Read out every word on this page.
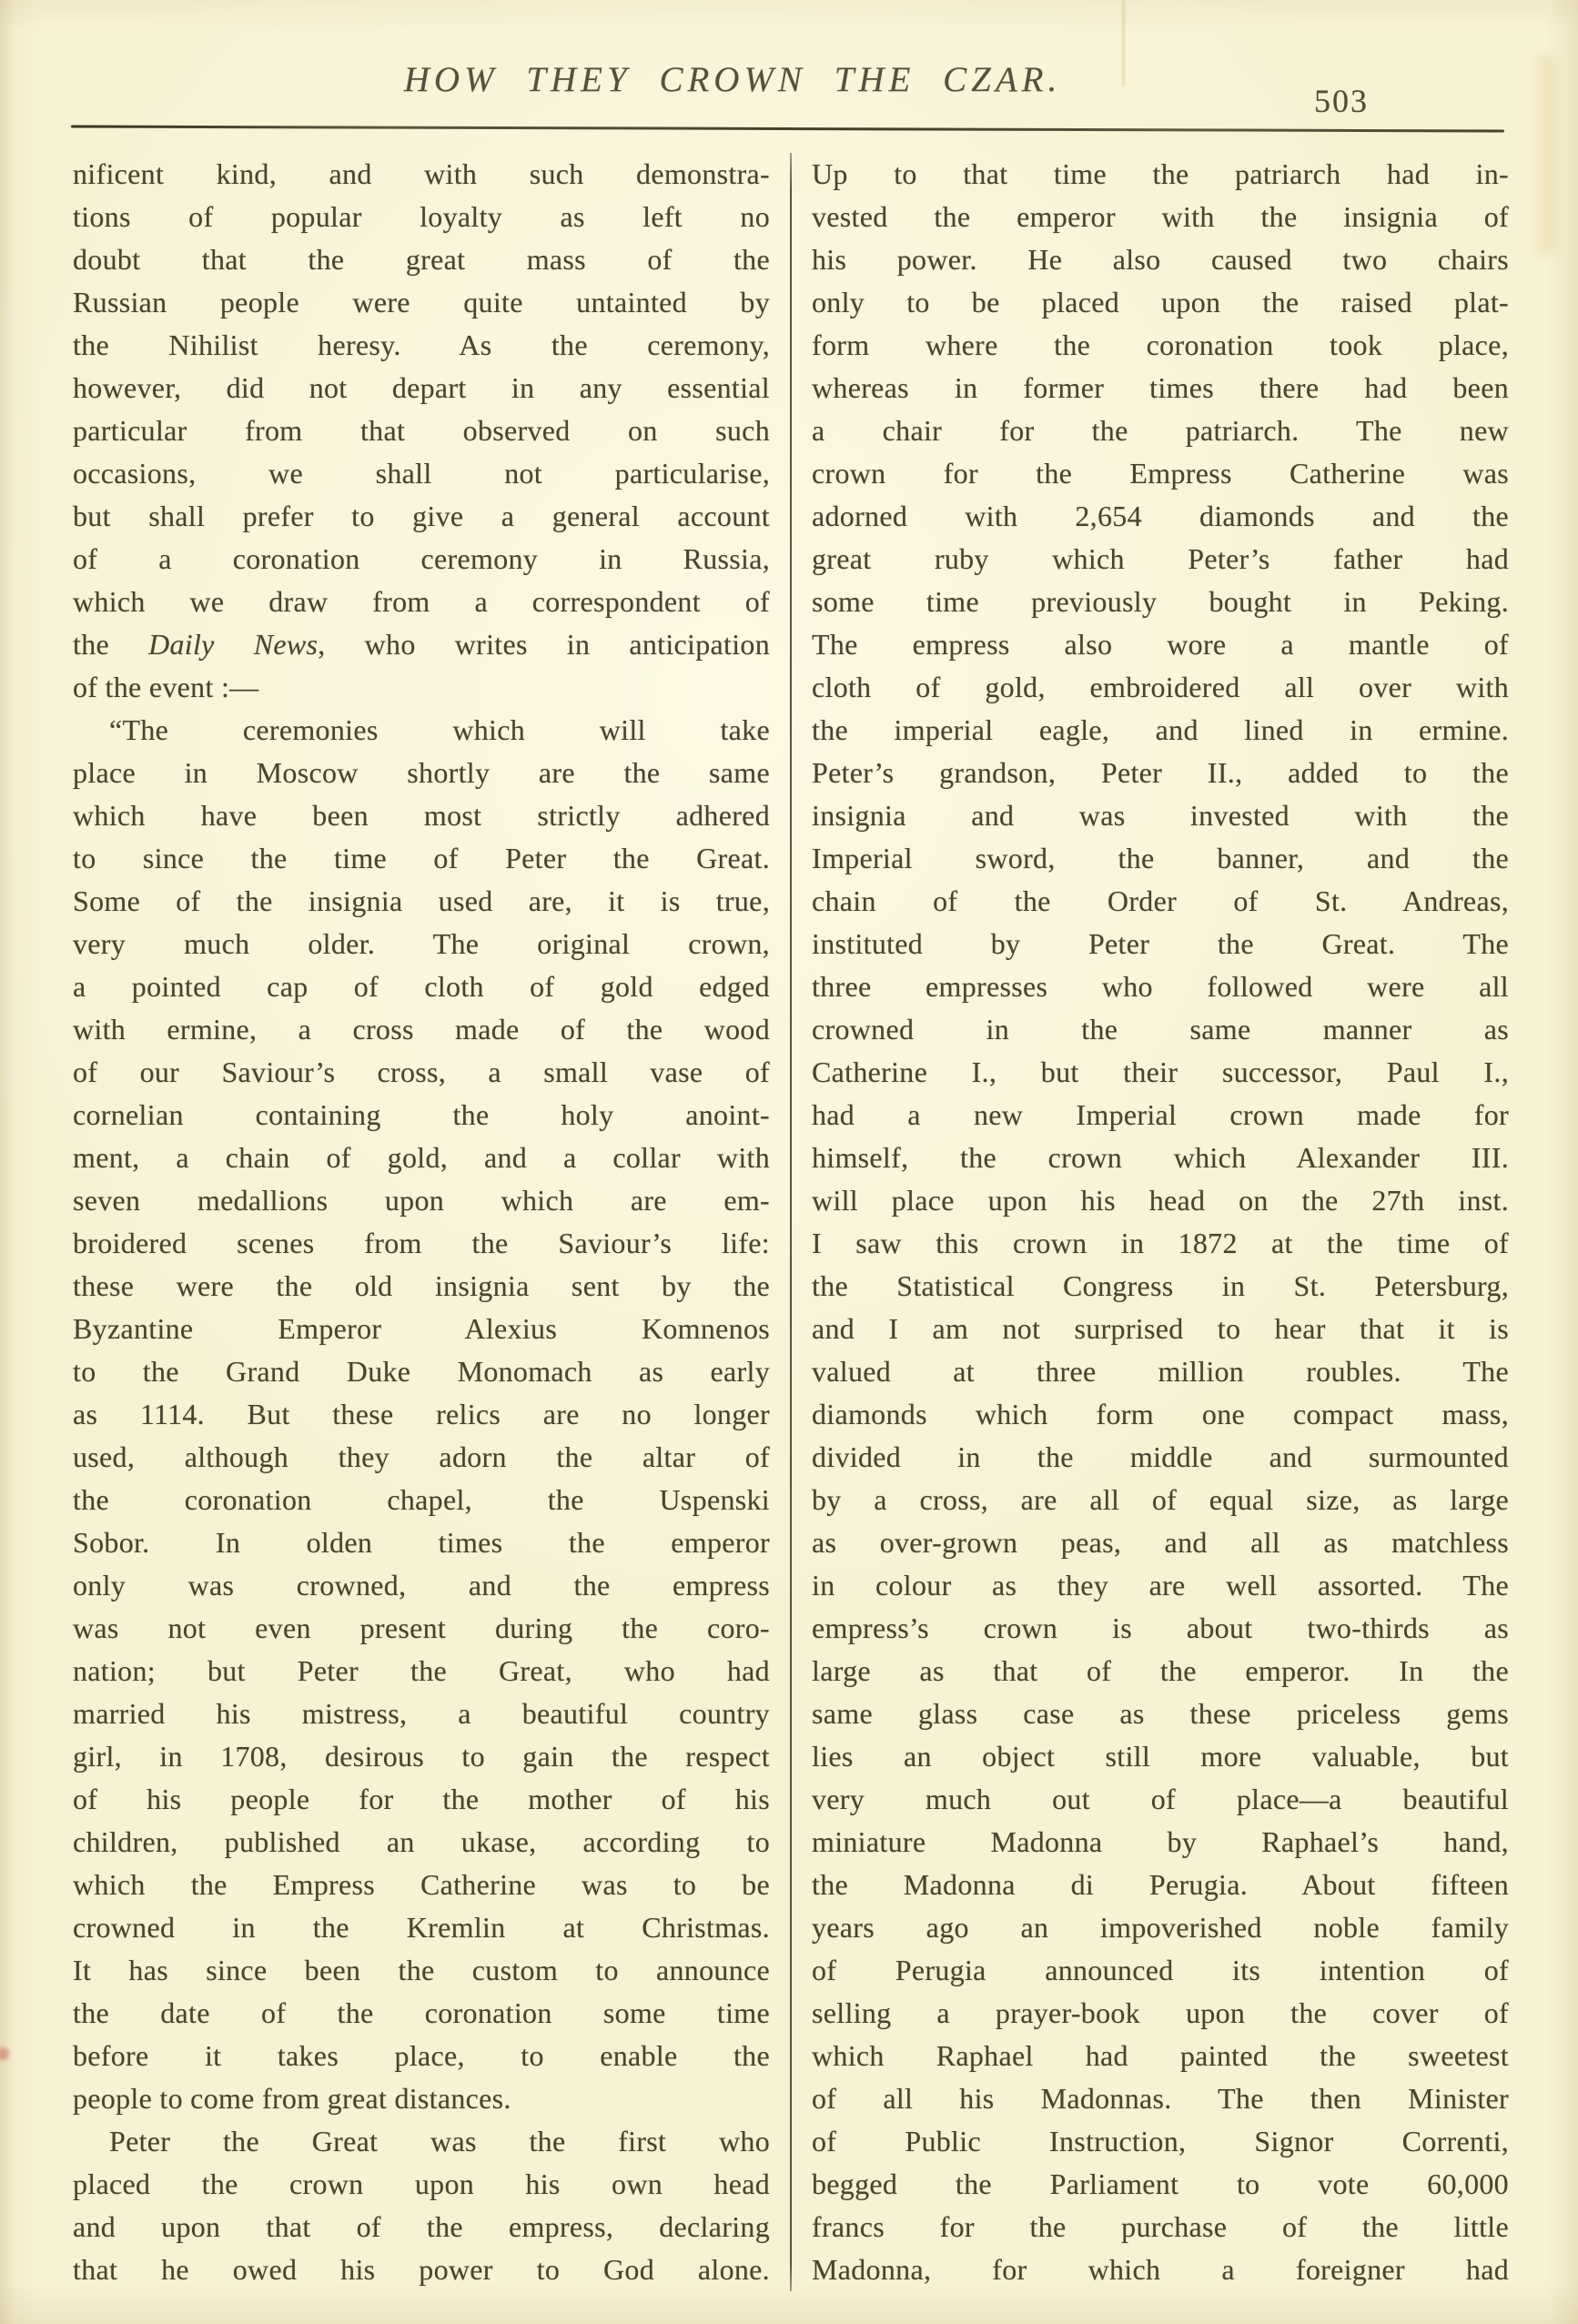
HOW THEY CROWN THE CZAR.
503
nificent kind, and with such demonstra-
tions of popular loyalty as left no
doubt that the great mass of the
Russian people were quite untainted by
the Nihilist heresy. As the ceremony,
however, did not depart in any essential
particular from that observed on such
occasions, we shall not particularise,
but shall prefer to give a general account
of a coronation ceremony in Russia,
which we draw from a correspondent of
the Daily News, who writes in anticipation
of the event :—
“The ceremonies which will take
place in Moscow shortly are the same
which have been most strictly adhered
to since the time of Peter the Great.
Some of the insignia used are, it is true,
very much older. The original crown,
a pointed cap of cloth of gold edged
with ermine, a cross made of the wood
of our Saviour’s cross, a small vase of
cornelian containing the holy anoint-
ment, a chain of gold, and a collar with
seven medallions upon which are em-
broidered scenes from the Saviour’s life:
these were the old insignia sent by the
Byzantine Emperor Alexius Komnenos
to the Grand Duke Monomach as early
as 1114. But these relics are no longer
used, although they adorn the altar of
the coronation chapel, the Uspenski
Sobor. In olden times the emperor
only was crowned, and the empress
was not even present during the coro-
nation; but Peter the Great, who had
married his mistress, a beautiful country
girl, in 1708, desirous to gain the respect
of his people for the mother of his
children, published an ukase, according to
which the Empress Catherine was to be
crowned in the Kremlin at Christmas.
It has since been the custom to announce
the date of the coronation some time
before it takes place, to enable the
people to come from great distances.
Peter the Great was the first who
placed the crown upon his own head
and upon that of the empress, declaring
that he owed his power to God alone.
Up to that time the patriarch had in-
vested the emperor with the insignia of
his power. He also caused two chairs
only to be placed upon the raised plat-
form where the coronation took place,
whereas in former times there had been
a chair for the patriarch. The new
crown for the Empress Catherine was
adorned with 2,654 diamonds and the
great ruby which Peter’s father had
some time previously bought in Peking.
The empress also wore a mantle of
cloth of gold, embroidered all over with
the imperial eagle, and lined in ermine.
Peter’s grandson, Peter II., added to the
insignia and was invested with the
Imperial sword, the banner, and the
chain of the Order of St. Andreas,
instituted by Peter the Great. The
three empresses who followed were all
crowned in the same manner as
Catherine I., but their successor, Paul I.,
had a new Imperial crown made for
himself, the crown which Alexander III.
will place upon his head on the 27th inst.
I saw this crown in 1872 at the time of
the Statistical Congress in St. Petersburg,
and I am not surprised to hear that it is
valued at three million roubles. The
diamonds which form one compact mass,
divided in the middle and surmounted
by a cross, are all of equal size, as large
as over-grown peas, and all as matchless
in colour as they are well assorted. The
empress’s crown is about two-thirds as
large as that of the emperor. In the
same glass case as these priceless gems
lies an object still more valuable, but
very much out of place—a beautiful
miniature Madonna by Raphael’s hand,
the Madonna di Perugia. About fifteen
years ago an impoverished noble family
of Perugia announced its intention of
selling a prayer-book upon the cover of
which Raphael had painted the sweetest
of all his Madonnas. The then Minister
of Public Instruction, Signor Correnti,
begged the Parliament to vote 60,000
francs for the purchase of the little
Madonna, for which a foreigner had
